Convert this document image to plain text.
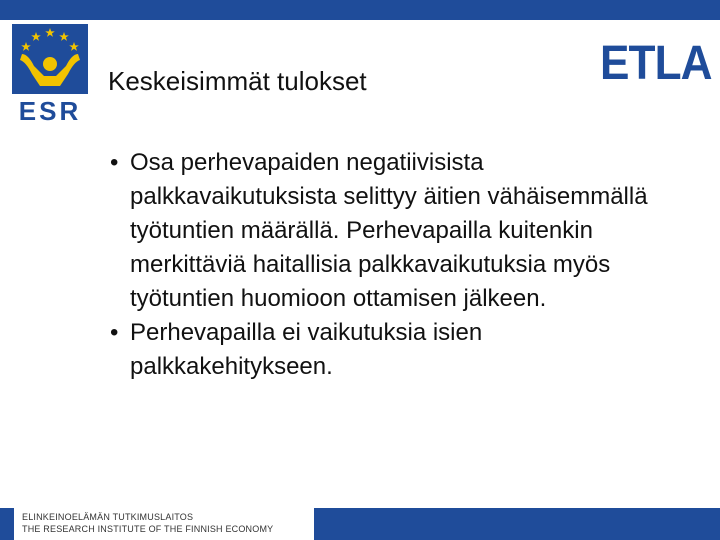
ESR
Keskeisimmät tulokset	ETLA
• Osa perhevapaiden negatiivisista palkkavaikutuksista selittyy äitien vähäisemmällä työtuntien määrällä. Perhevapailla kuitenkin merkittäviä haitallisia palkkavaikutuksia myös työtuntien huomioon ottamisen jälkeen.
• Perhevapailla ei vaikutuksia isien palkkakehitykseen.
ELINKEINOELÄMÄN TUTKIMUSLAITOS
THE RESEARCH INSTITUTE OF THE FINNISH ECONOMY
